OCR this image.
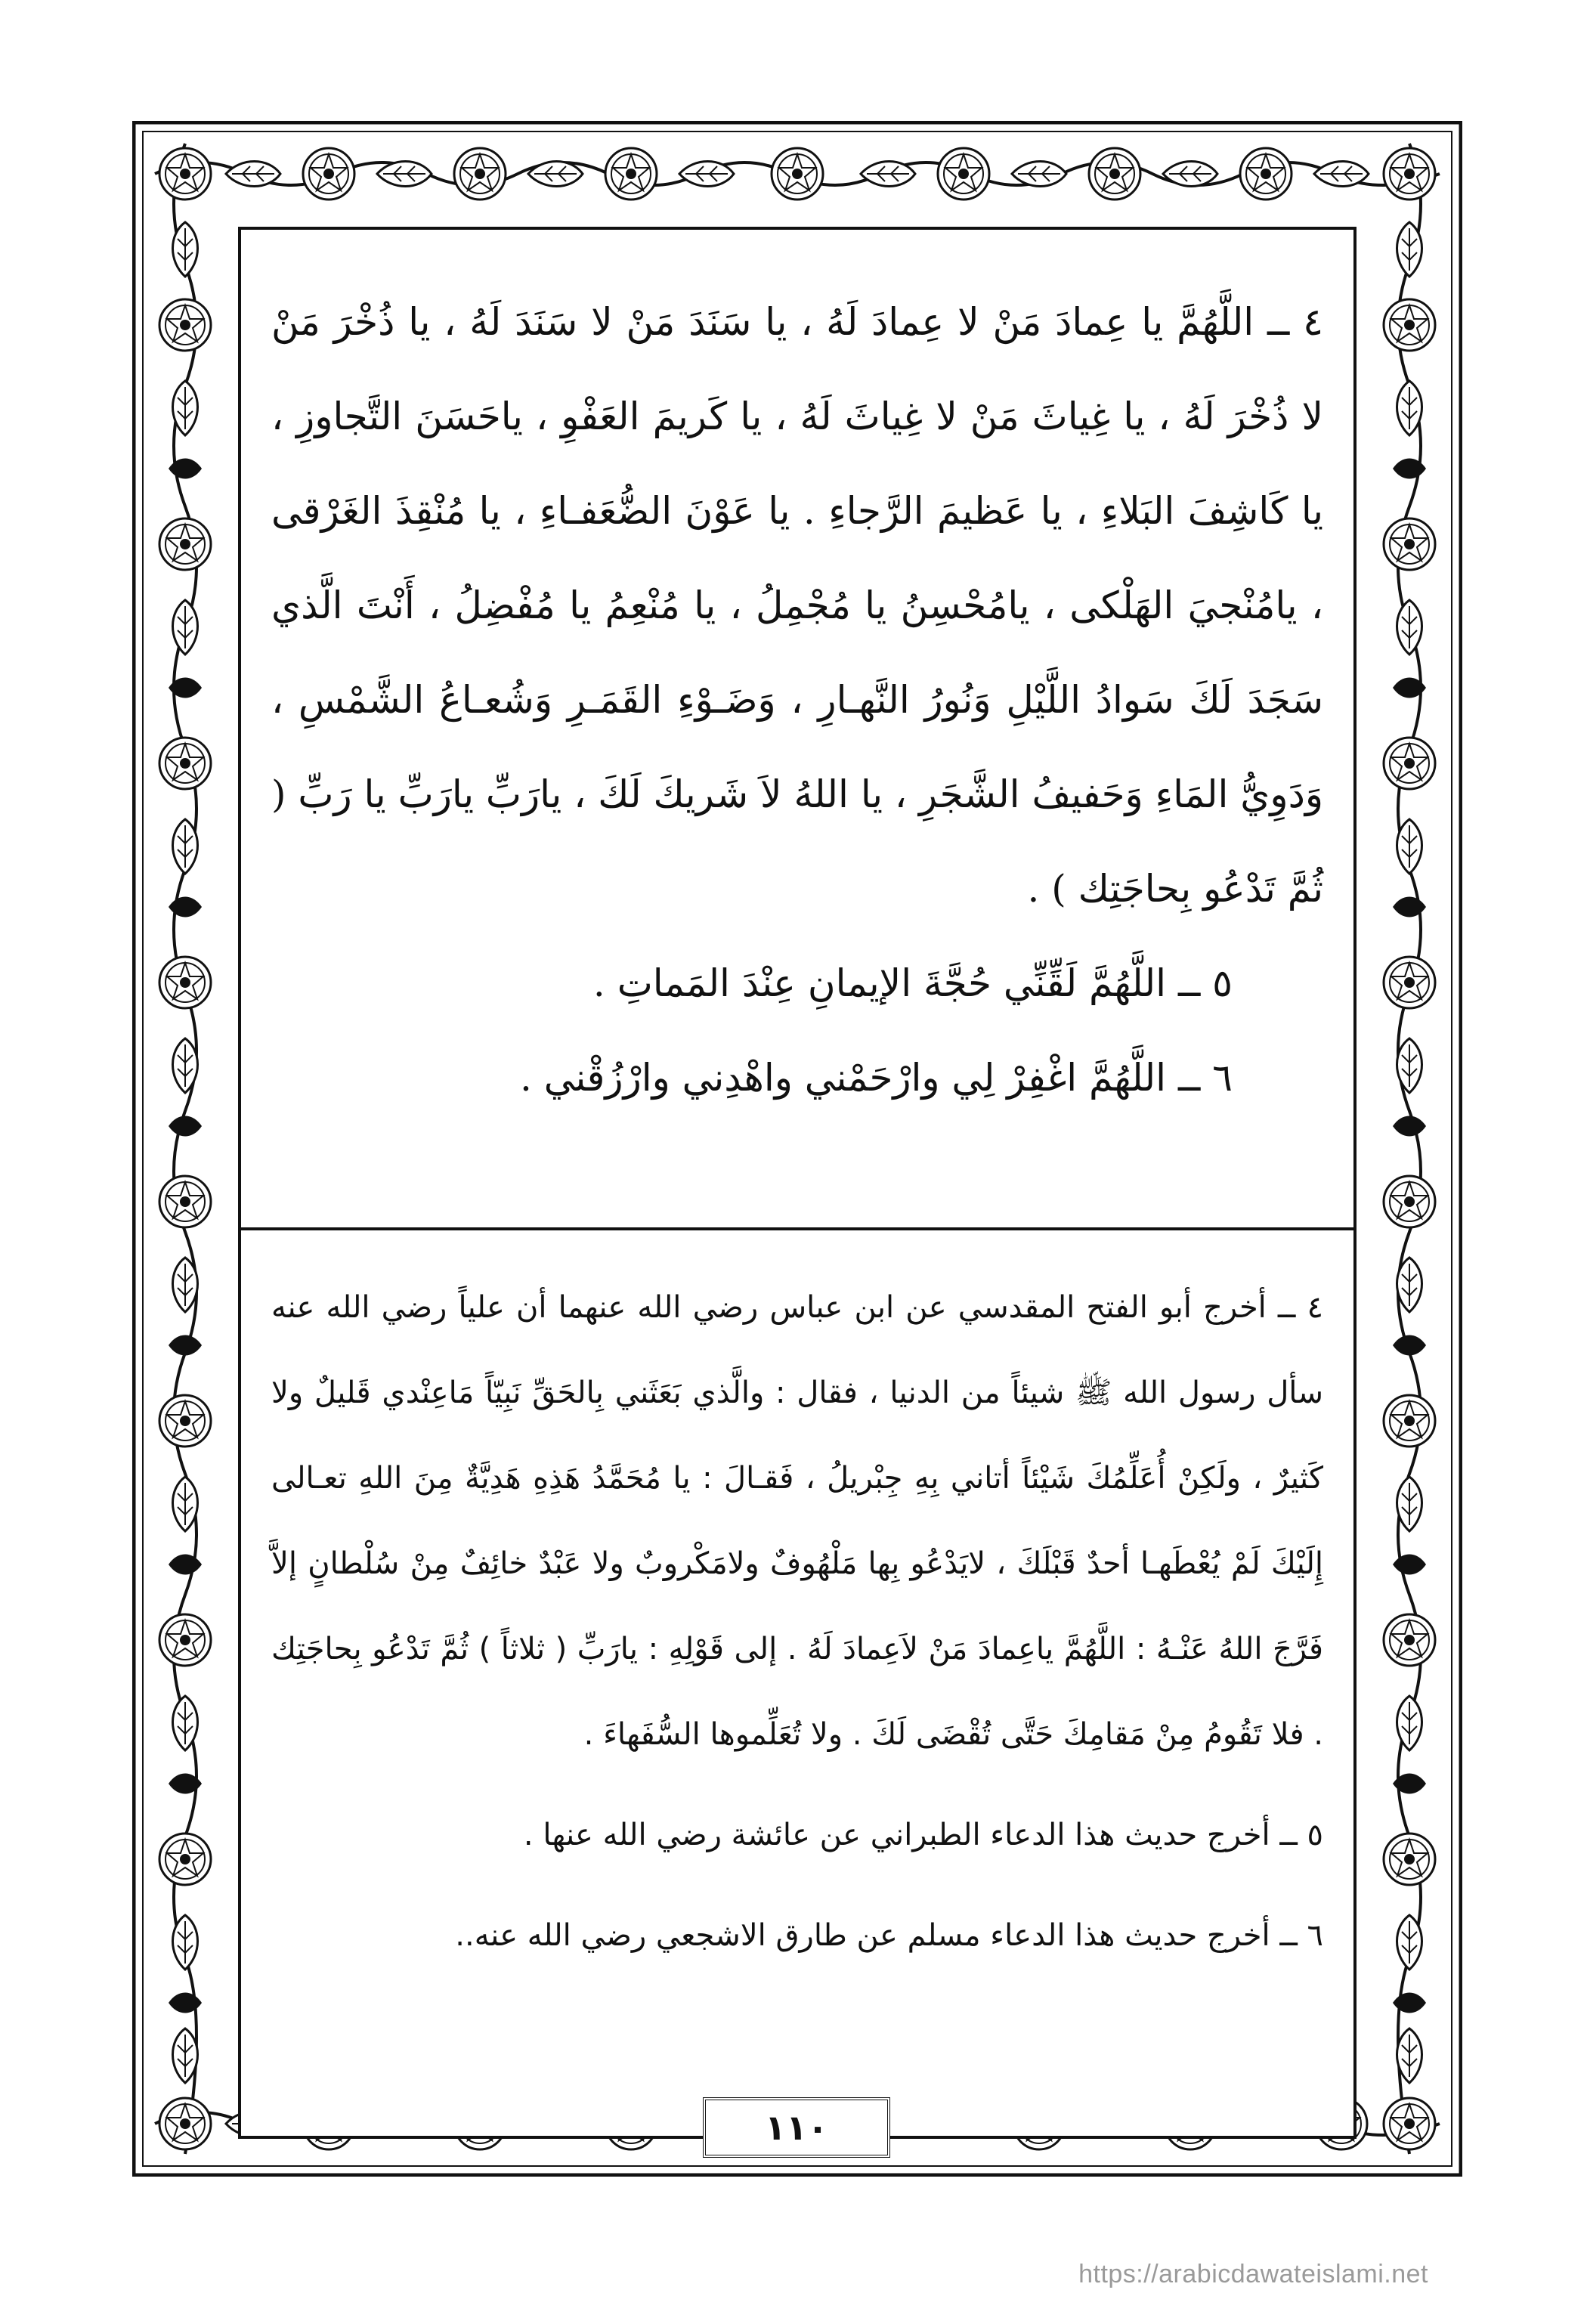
٤ ــ اللَّهُمَّ يا عِمادَ مَنْ لا عِمادَ لَهُ ، يا سَنَدَ مَنْ لا سَنَدَ لَهُ ، يا ذُخْرَ مَنْ لا ذُخْرَ لَهُ ، يا غِياثَ مَنْ لا غِياثَ لَهُ ، يا كَريمَ العَفْوِ ، ياحَسَنَ التَّجاوزِ ، يا كَاشِفَ البَلاءِ ، يا عَظيمَ الرَّجاءِ . يا عَوْنَ الضُّعَفـاءِ ، يا مُنْقِذَ الغَرْقى ، يامُنْجيَ الهَلْكى ، يامُحْسِنُ يا مُجْمِلُ ، يا مُنْعِمُ يا مُفْضِلُ ، أَنْتَ الَّذي سَجَدَ لَكَ سَوادُ اللَّيْلِ وَنُورُ النَّهـارِ ، وَضَـوْءِ القَمَـرِ وَشُعـاعُ الشَّمْسِ ، وَدَوِيُّ المَاءِ وَحَفيفُ الشَّجَرِ ، يا اللهُ لاَ شَريكَ لَكَ ، يارَبِّ يارَبِّ يا رَبِّ ( ثُمَّ تَدْعُو بِحاجَتِك ) .

٥ ــ اللَّهُمَّ لَقِّنِّي حُجَّةَ الإيمانِ عِنْدَ المَماتِ .

٦ ــ اللَّهُمَّ اغْفِرْ لِي وارْحَمْني واهْدِني وارْزُقْني .

٤ ــ أخرج أبو الفتح المقدسي عن ابن عباس رضي الله عنهما أن علياً رضي الله عنه سأل رسول الله ﷺ شيئاً من الدنيا ، فقال : والَّذي بَعَثَني بِالحَقِّ نَبِيّاً مَاعِنْدي قَليلٌ ولا كَثيرٌ ، ولَكِنْ أُعَلِّمُكَ شَيْئاً أتاني بِهِ جِبْريلُ ، فَقـالَ : يا مُحَمَّدُ هَذِهِ هَدِيَّةٌ مِنَ اللهِ تعـالى إِلَيْكَ لَمْ يُعْطَهـا أحدٌ قَبْلَكَ ، لايَدْعُو بِها مَلْهُوفٌ ولامَكْروبٌ ولا عَبْدٌ خائِفٌ مِنْ سُلْطانٍ إلاَّ فَرَّجَ اللهُ عَنْـهُ : اللَّهُمَّ ياعِمادَ مَنْ لاَعِمادَ لَهُ . إلى قَوْلِهِ : يارَبِّ ( ثلاثاً ) ثُمَّ تَدْعُو بِحاجَتِك . فلا تَقُومُ مِنْ مَقامِكَ حَتَّى تُقْضَى لَكَ . ولا تُعَلِّموها السُّفَهاءَ .

٥ ــ أخرج حديث هذا الدعاء الطبراني عن عائشة رضي الله عنها .

٦ ــ أخرج حديث هذا الدعاء مسلم عن طارق الاشجعي رضي الله عنه..

١١٠
https://arabicdawateislami.net
